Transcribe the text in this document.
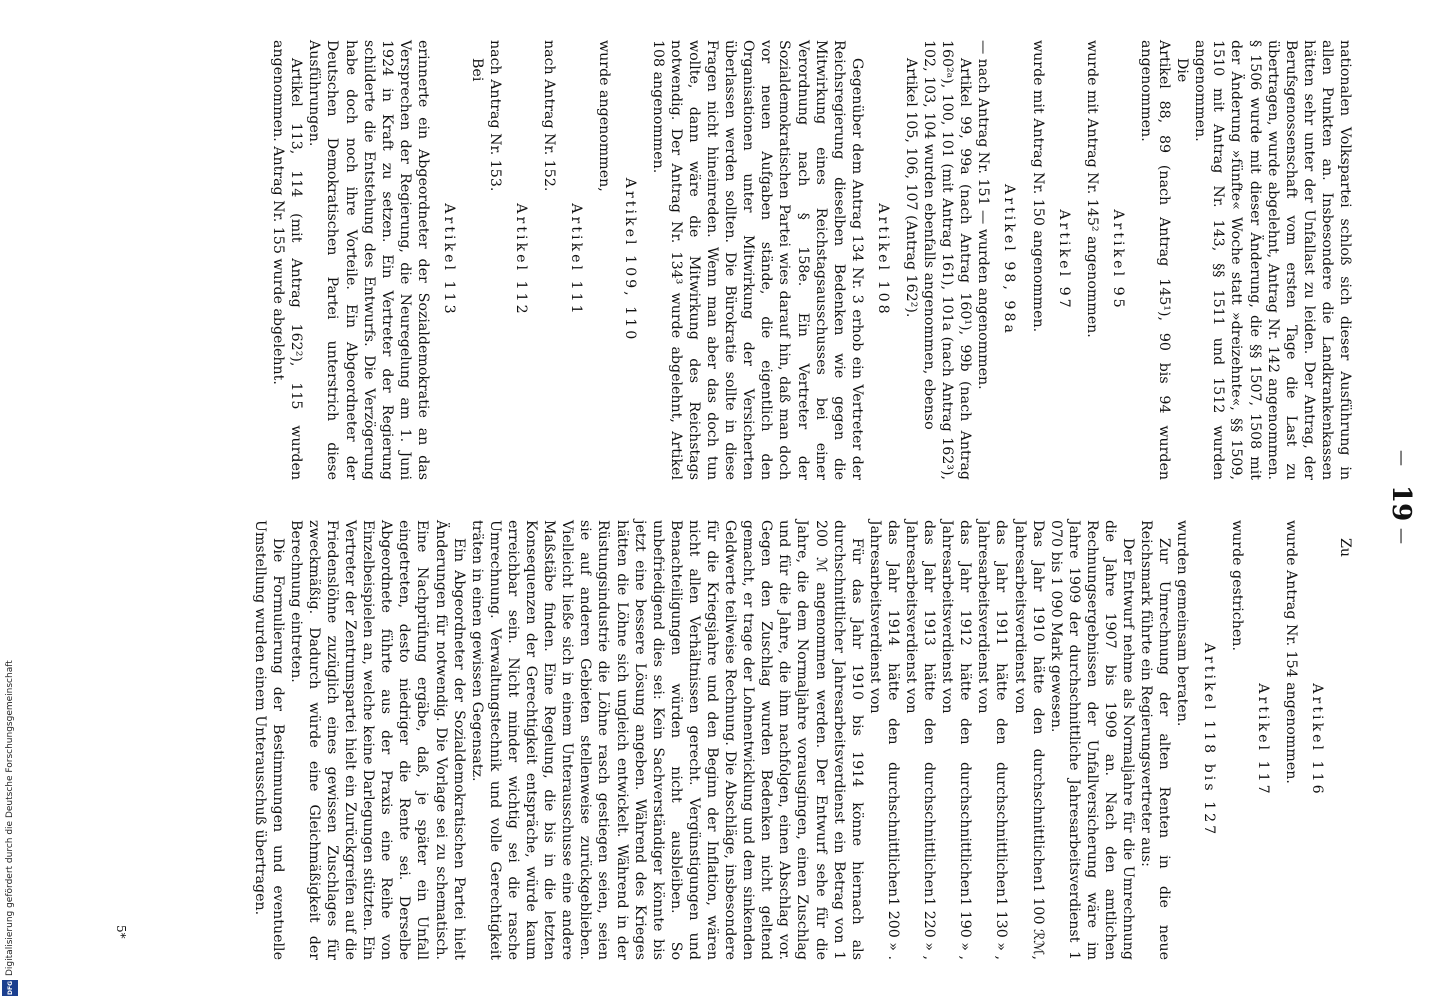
DFG
Digitalisierung gefördert durch die Deutsche Forschungsgemeinschaft
—
19
—

nationalen Volkspartei schloß sich dieser Ausführung in allen Punkten an. Insbesondere die Landkrankenkassen hätten sehr unter der Unfallast zu leiden. Der Antrag, der Berufsgenossenschaft vom ersten Tage die Last zu übertragen, wurde abgelehnt, Antrag Nr. 142 angenommen. § 1506 wurde mit dieser Änderung, die §§ 1507, 1508 mit der Änderung »fünfte« Woche statt »dreizehnte«, §§ 1509, 1510 mit Antrag Nr. 143, §§ 1511 und 1512 wurden angenommen.

Die

Artikel 88, 89 (nach Antrag 145¹), 90 bis 94 wurden angenommen.

Artikel 95

wurde mit Antrag Nr. 145² angenommen.

Artikel 97

wurde mit Antrag Nr. 150 angenommen.

Artikel 98, 98a

— nach Antrag Nr. 151 — wurden angenommen.

Artikel 99, 99a (nach Antrag 160¹), 99b (nach Antrag 160²ᵃ), 100, 101 (mit Antrag 161), 101a (nach Antrag 162³), 102, 103, 104 wurden ebenfalls angenommen, ebenso

Artikel 105, 106, 107 (Antrag 162²).

Artikel 108

Gegenüber dem Antrag 134 Nr. 3 erhob ein Vertreter der Reichsregierung dieselben Bedenken wie gegen die Mitwirkung eines Reichstagsausschusses bei einer Verordnung nach § 158e. Ein Vertreter der Sozialdemokratischen Partei wies darauf hin, daß man doch vor neuen Aufgaben stände, die eigentlich den Organisationen unter Mitwirkung der Versicherten überlassen werden sollten. Die Bürokratie sollte in diese Fragen nicht hineinreden. Wenn man aber das doch tun wollte, dann wäre die Mitwirkung des Reichstags notwendig. Der Antrag Nr. 134³ wurde abgelehnt, Artikel 108 angenommen.

Artikel 109, 110

wurde angenommen,

Artikel 111

nach Antrag Nr. 152.

Artikel 112

nach Antrag Nr. 153.

Bei

Artikel 113

erinnerte ein Abgeordneter der Sozialdemokratie an das Versprechen der Regierung, die Neuregelung am 1. Juni 1924 in Kraft zu setzen. Ein Vertreter der Regierung schilderte die Entstehung des Entwurfs. Die Verzögerung habe doch noch ihre Vorteile. Ein Abgeordneter der Deutschen Demokratischen Partei unterstrich diese Ausführungen.

Artikel 113, 114 (mit Antrag 162²), 115 wurden angenommen. Antrag Nr. 155 wurde abgelehnt.

Zu

Artikel 116

wurde Antrag Nr. 154 angenommen.

Artikel 117

wurde gestrichen.

Artikel 118 bis 127

wurden gemeinsam beraten.

Zur Umrechnung der alten Renten in die neue Reichsmark führte ein Regierungsvertreter aus:

Der Entwurf nehme als Normaljahre für die Umrechnung die Jahre 1907 bis 1909 an. Nach den amtlichen Rechnungsergebnissen der Unfallversicherung wäre im Jahre 1909 der durchschnittliche Jahresarbeitsverdienst 1 070 bis 1 090 Mark gewesen.

Das Jahr 1910 hätte den durchschnittlichen Jahresarbeitsverdienst von
1 100 ℛℳ,
das Jahr 1911 hätte den durchschnittlichen Jahresarbeitsverdienst von
1 130 » ,
das Jahr 1912 hätte den durchschnittlichen Jahresarbeitsverdienst von
1 190 » ,
das Jahr 1913 hätte den durchschnittlichen Jahresarbeitsverdienst von
1 220 » ,
das Jahr 1914 hätte den durchschnittlichen Jahresarbeitsverdienst von
1 200 » .

Für das Jahr 1910 bis 1914 könne hiernach als durchschnittlicher Jahresarbeitsverdienst ein Betrag von 1 200 ℳ angenommen werden. Der Entwurf sehe für die Jahre, die dem Normaljahre vorausgingen, einen Zuschlag und für die Jahre, die ihm nachfolgen, einen Abschlag vor. Gegen den Zuschlag wurden Bedenken nicht geltend gemacht, er trage der Lohnentwicklung und dem sinkenden Geldwerte teilweise Rechnung. Die Abschläge, insbesondere für die Kriegsjahre und den Beginn der Inflation, wären nicht allen Verhältnissen gerecht. Vergünstigungen und Benachteiligungen würden nicht ausbleiben. So unbefriedigend dies sei: Kein Sachverständiger könnte bis jetzt eine bessere Lösung angeben. Während des Krieges hätten die Löhne sich ungleich entwickelt. Während in der Rüstungsindustrie die Löhne rasch gestiegen seien, seien sie auf anderen Gebieten stellenweise zurückgeblieben. Vielleicht ließe sich in einem Unterausschusse eine andere Maßstäbe finden. Eine Regelung, die bis in die letzten Konsequenzen der Gerechtigkeit entspräche, würde kaum erreichbar sein. Nicht minder wichtig sei die rasche Umrechnung. Verwaltungstechnik und volle Gerechtigkeit träten in einen gewissen Gegensatz.

Ein Abgeordneter der Sozialdemokratischen Partei hielt Änderungen für notwendig. Die Vorlage sei zu schematisch. Eine Nachprüfung ergäbe, daß, je später ein Unfall eingetreten, desto niedriger die Rente sei. Derselbe Abgeordnete führte aus der Praxis eine Reihe von Einzelbeispielen an, welche keine Darlegungen stützten. Ein Vertreter der Zentrumspartei hielt ein Zurückgreifen auf die Friedenslöhne zuzüglich eines gewissen Zuschlages für zweckmäßig. Dadurch würde eine Gleichmäßigkeit der Berechnung eintreten.

Die Formulierung der Bestimmungen und eventuelle Umstellung wurden einem Unterausschuß übertragen.

5*
